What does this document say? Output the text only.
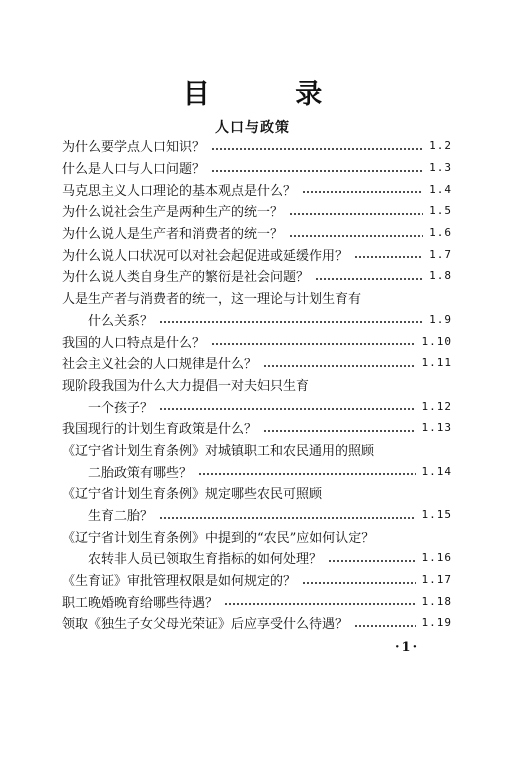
目 录
人口与政策
为什么要学点人口知识？	1.2
什么是人口与人口问题？	1.3
马克思主义人口理论的基本观点是什么？	1.4
为什么说社会生产是两种生产的统一？	1.5
为什么说人是生产者和消费者的统一？	1.6
为什么说人口状况可以对社会起促进或延缓作用？	1.7
为什么说人类自身生产的繁衍是社会问题？	1.8
人是生产者与消费者的统一，这一理论与计划生育有
什么关系？	1.9
我国的人口特点是什么？	1.10
社会主义社会的人口规律是什么？	1.11
现阶段我国为什么大力提倡一对夫妇只生育
一个孩子？	1.12
我国现行的计划生育政策是什么？	1.13
《辽宁省计划生育条例》对城镇职工和农民通用的照顾
二胎政策有哪些？	1.14
《辽宁省计划生育条例》规定哪些农民可照顾
生育二胎？	1.15
《辽宁省计划生育条例》中提到的“农民”应如何认定？
农转非人员已领取生育指标的如何处理？	1.16
《生育证》审批管理权限是如何规定的？	1.17
职工晚婚晚育给哪些待遇？	1.18
领取《独生子女父母光荣证》后应享受什么待遇？	1.19
·1·
